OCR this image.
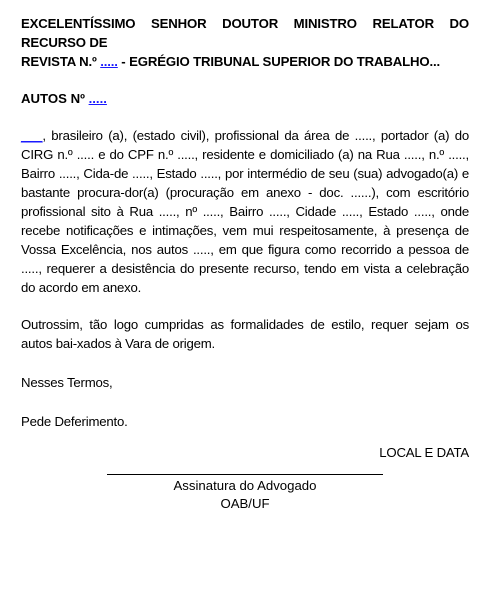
EXCELENTÍSSIMO SENHOR DOUTOR MINISTRO RELATOR DO RECURSO DE
REVISTA N.º ..... - EGRÉGIO TRIBUNAL SUPERIOR DO TRABALHO...

AUTOS Nº .....

___, brasileiro (a), (estado civil), profissional da área de ....., portador (a) do CIRG n.º ..... e do CPF n.º ....., residente e domiciliado (a) na Rua ....., n.º ....., Bairro ....., Cida-de ....., Estado ....., por intermédio de seu (sua) advogado(a) e bastante procura-dor(a) (procuração em anexo - doc. ......), com escritório profissional sito à Rua ....., nº ....., Bairro ....., Cidade ....., Estado ....., onde recebe notificações e intimações, vem mui respeitosamente, à presença de Vossa Excelência, nos autos ....., em que figura como recorrido a pessoa de ....., requerer a desistência do presente recurso, tendo em vista a celebração do acordo em anexo.

Outrossim, tão logo cumpridas as formalidades de estilo, requer sejam os autos bai-xados à Vara de origem.

Nesses Termos,

Pede Deferimento.

LOCAL E DATA

Assinatura do Advogado
OAB/UF
